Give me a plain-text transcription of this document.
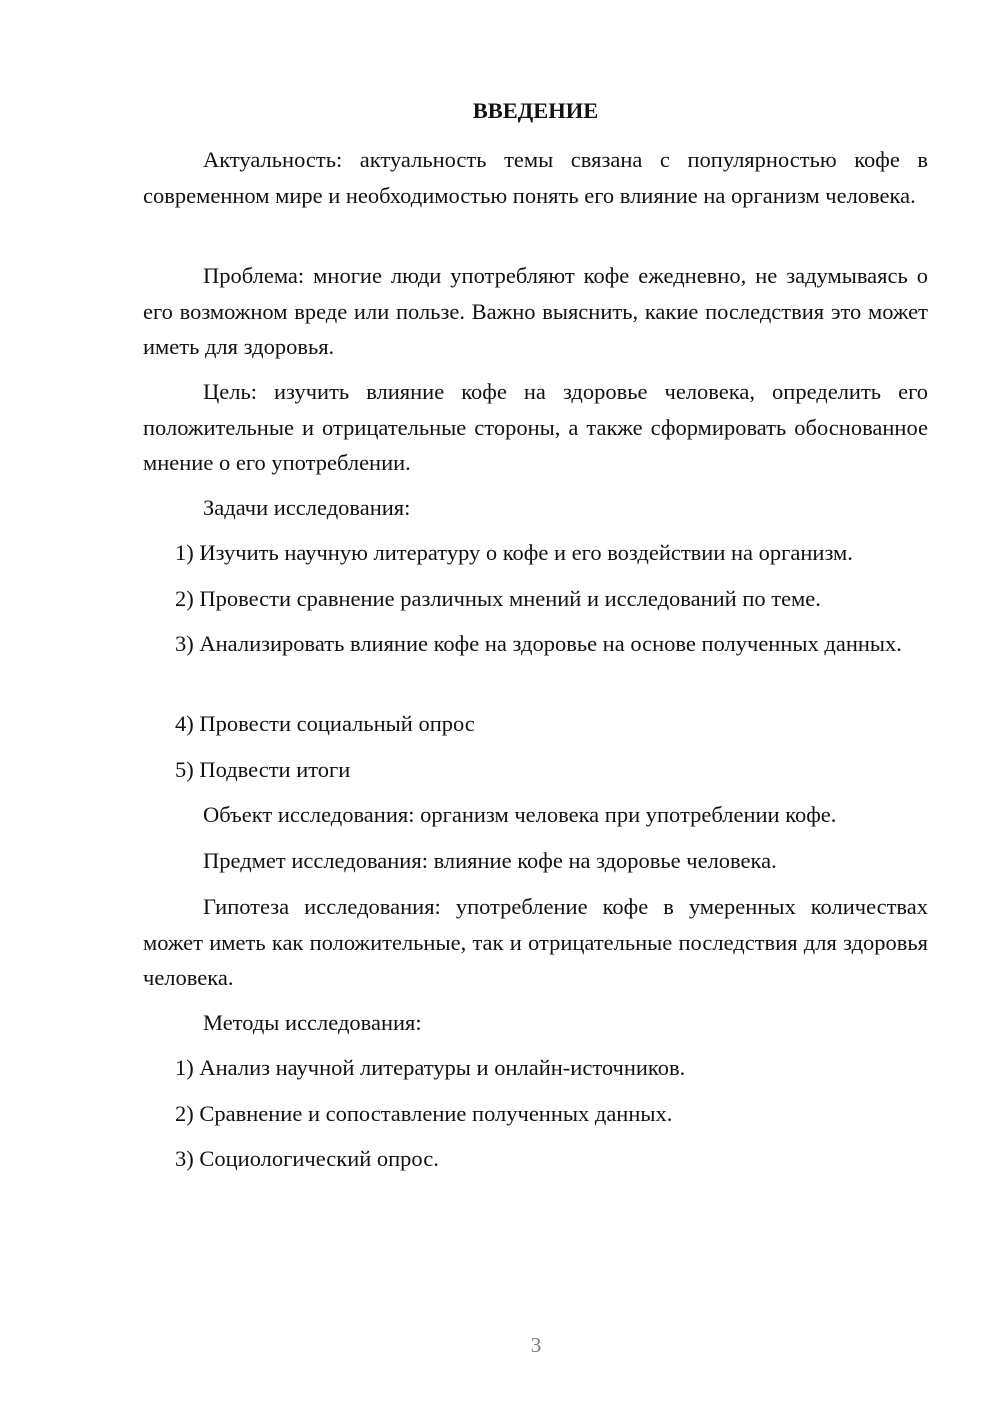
ВВЕДЕНИЕ

Актуальность: актуальность темы связана с популярностью кофе в современном мире и необходимостью понять его влияние на организм человека.

Проблема: многие люди употребляют кофе ежедневно, не задумываясь о его возможном вреде или пользе. Важно выяснить, какие последствия это может иметь для здоровья.

Цель: изучить влияние кофе на здоровье человека, определить его положительные и отрицательные стороны, а также сформировать обоснованное мнение о его употреблении.

Задачи исследования:

1) Изучить научную литературу о кофе и его воздействии на организм.

2) Провести сравнение различных мнений и исследований по теме.

3) Анализировать влияние кофе на здоровье на основе полученных данных.

4) Провести социальный опрос

5) Подвести итоги

Объект исследования: организм человека при употреблении кофе.

Предмет исследования: влияние кофе на здоровье человека.

Гипотеза исследования: употребление кофе в умеренных количествах может иметь как положительные, так и отрицательные последствия для здоровья человека.

Методы исследования:

1) Анализ научной литературы и онлайн-источников.

2) Сравнение и сопоставление полученных данных.

3) Социологический опрос.

3
